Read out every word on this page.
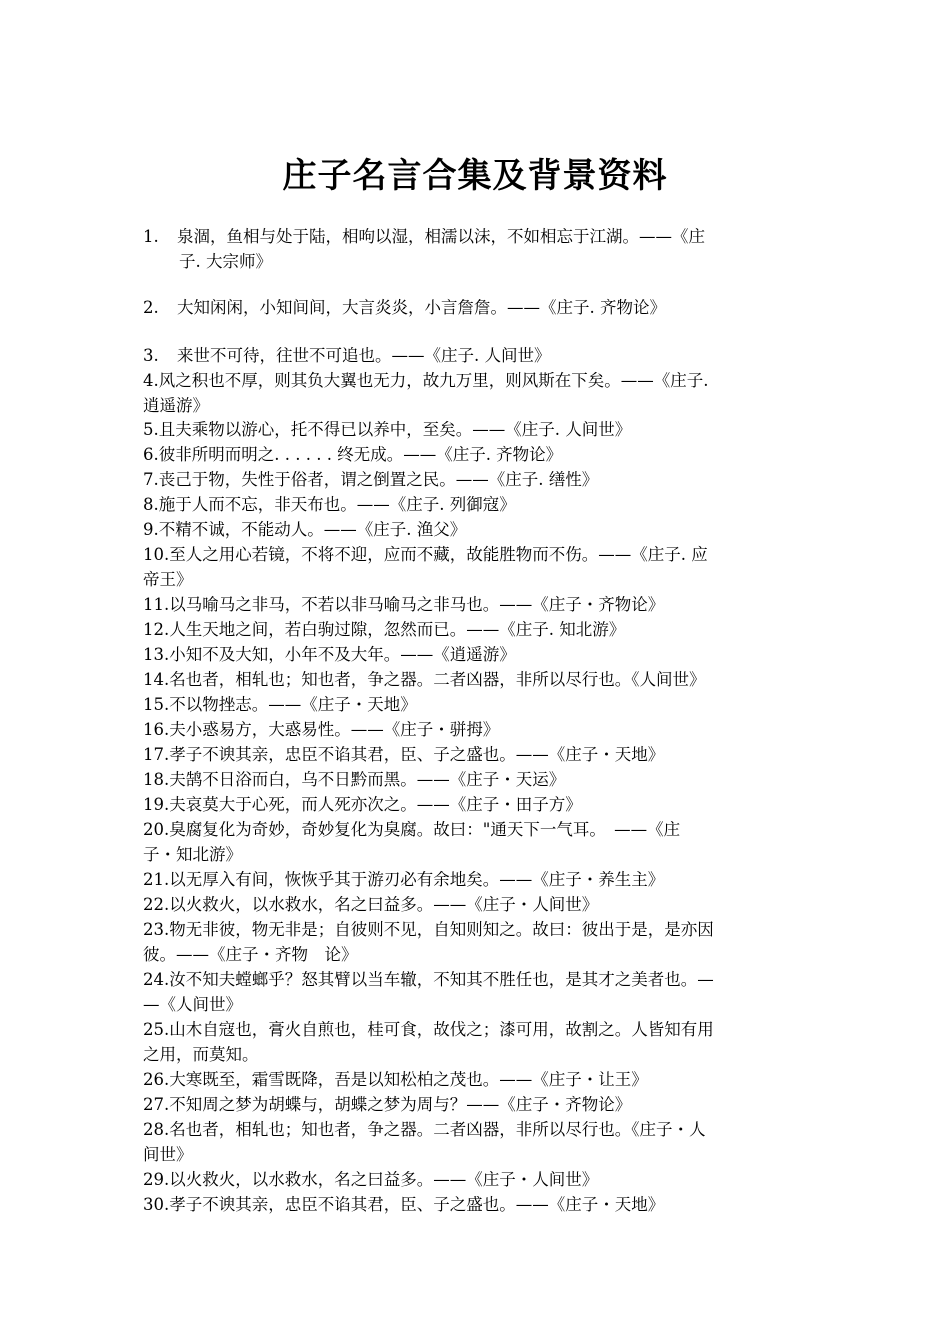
庄子名言合集及背景资料
1. 泉涸，鱼相与处于陆，相呴以湿，相濡以沫，不如相忘于江湖。——《庄
子. 大宗师》
2. 大知闲闲，小知间间，大言炎炎，小言詹詹。——《庄子. 齐物论》
3. 来世不可待，往世不可追也。——《庄子. 人间世》
4.风之积也不厚，则其负大翼也无力，故九万里，则风斯在下矣。——《庄子.
逍遥游》
5.且夫乘物以游心，托不得已以养中，至矣。——《庄子. 人间世》
6.彼非所明而明之. . . . . . 终无成。——《庄子. 齐物论》
7.丧己于物，失性于俗者，谓之倒置之民。——《庄子. 缮性》
8.施于人而不忘，非天布也。——《庄子. 列御寇》
9.不精不诚，不能动人。——《庄子. 渔父》
10.至人之用心若镜，不将不迎，应而不藏，故能胜物而不伤。——《庄子. 应
帝王》
11.以马喻马之非马，不若以非马喻马之非马也。——《庄子・齐物论》
12.人生天地之间，若白驹过隙，忽然而已。——《庄子. 知北游》
13.小知不及大知，小年不及大年。——《逍遥游》
14.名也者，相轧也；知也者，争之器。二者凶器，非所以尽行也。《人间世》
15.不以物挫志。——《庄子・天地》
16.夫小惑易方，大惑易性。——《庄子・骈拇》
17.孝子不谀其亲，忠臣不谄其君，臣、子之盛也。——《庄子・天地》
18.夫鹄不日浴而白，乌不日黔而黑。——《庄子・天运》
19.夫哀莫大于心死，而人死亦次之。——《庄子・田子方》
20.臭腐复化为奇妙，奇妙复化为臭腐。故曰："通天下一气耳。　——《庄
子・知北游》
21.以无厚入有间，恢恢乎其于游刃必有余地矣。——《庄子・养生主》
22.以火救火，以水救水，名之曰益多。——《庄子・人间世》
23.物无非彼，物无非是；自彼则不见，自知则知之。故曰：彼出于是，是亦因
彼。——《庄子・齐物　论》
24.汝不知夫螳螂乎？怒其臂以当车辙，不知其不胜任也，是其才之美者也。—
—《人间世》
25.山木自寇也，膏火自煎也，桂可食，故伐之；漆可用，故割之。人皆知有用
之用，而莫知。
26.大寒既至，霜雪既降，吾是以知松柏之茂也。——《庄子・让王》
27.不知周之梦为胡蝶与，胡蝶之梦为周与？——《庄子・齐物论》
28.名也者，相轧也；知也者，争之器。二者凶器，非所以尽行也。《庄子・人
间世》
29.以火救火，以水救水，名之曰益多。——《庄子・人间世》
30.孝子不谀其亲，忠臣不谄其君，臣、子之盛也。——《庄子・天地》
